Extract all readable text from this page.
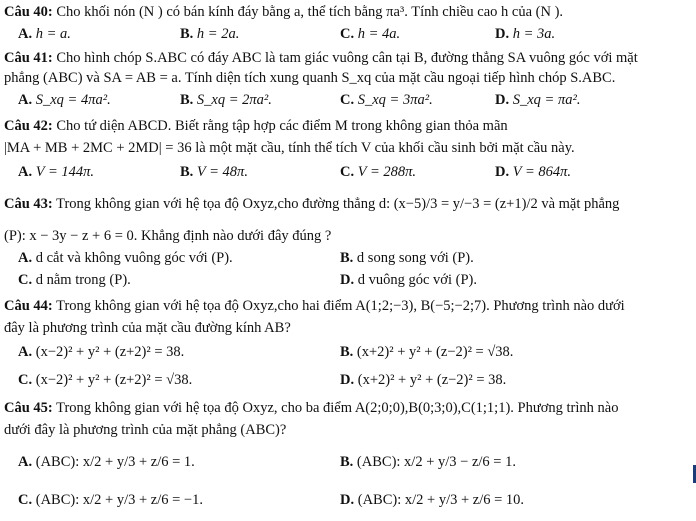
Câu 40: Cho khối nón (N ) có bán kính đáy bằng a, thể tích bằng πa³. Tính chiều cao h của (N ).
A. h = a.	B. h = 2a.	C. h = 4a.	D. h = 3a.
Câu 41: Cho hình chóp S.ABC có đáy ABC là tam giác vuông cân tại B, đường thẳng SA vuông góc với mặt
phẳng (ABC) và SA = AB = a. Tính diện tích xung quanh S_xq của mặt cầu ngoại tiếp hình chóp S.ABC.
A. S_xq = 4πa².	B. S_xq = 2πa².	C. S_xq = 3πa².	D. S_xq = πa².
Câu 42: Cho tứ diện ABCD. Biết rằng tập hợp các điểm M trong không gian thỏa mãn
|MA + MB + 2MC + 2MD| = 36 là một mặt cầu, tính thể tích V của khối cầu sinh bởi mặt cầu này.
A. V = 144π.	B. V = 48π.	C. V = 288π.	D. V = 864π.
Câu 43: Trong không gian với hệ tọa độ Oxyz,cho đường thẳng d: (x−5)/3 = y/−3 = (z+1)/2 và mặt phẳng
(P): x − 3y − z + 6 = 0. Khẳng định nào dưới đây đúng ?
A. d cắt và không vuông góc với (P).	B. d song song với (P).
C. d nằm trong (P).	D. d vuông góc với (P).
Câu 44: Trong không gian với hệ tọa độ Oxyz,cho hai điểm A(1;2;−3), B(−5;−2;7). Phương trình nào dưới
đây là phương trình của mặt cầu đường kính AB?
A. (x−2)² + y² + (z+2)² = 38.	B. (x+2)² + y² + (z−2)² = √38.
C. (x−2)² + y² + (z+2)² = √38.	D. (x+2)² + y² + (z−2)² = 38.
Câu 45: Trong không gian với hệ tọa độ Oxyz, cho ba điểm A(2;0;0),B(0;3;0),C(1;1;1). Phương trình nào
dưới đây là phương trình của mặt phẳng (ABC)?
A. (ABC): x/2 + y/3 + z/6 = 1.	B. (ABC): x/2 + y/3 − z/6 = 1.
C. (ABC): x/2 + y/3 + z/6 = −1.	D. (ABC): x/2 + y/3 + z/6 = 10.
